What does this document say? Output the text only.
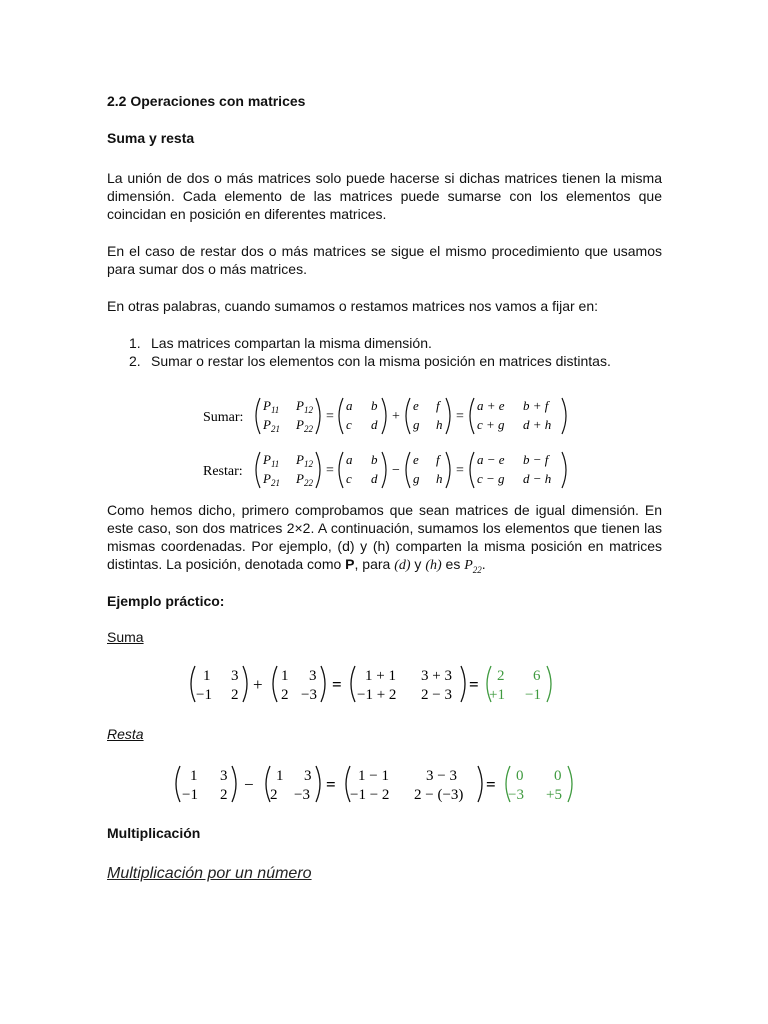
2.2 Operaciones con matrices
Suma y resta
La unión de dos o más matrices solo puede hacerse si dichas matrices tienen la misma dimensión. Cada elemento de las matrices puede sumarse con los elementos que coincidan en posición en diferentes matrices.
En el caso de restar dos o más matrices se sigue el mismo procedimiento que usamos para sumar dos o más matrices.
En otras palabras, cuando sumamos o restamos matrices nos vamos a fijar en:
1. Las matrices compartan la misma dimensión.
2. Sumar o restar los elementos con la misma posición en matrices distintas.
Sumar:
$P_{11}$ $P_{12}$
$P_{21}$ $P_{22}$
=
a b
c d
+
e f
g h
=
a + e b + f
c + g d + h
Restar:
$P_{11}$ $P_{12}$
$P_{21}$ $P_{22}$
=
a b
c d
−
e f
g h
=
a − e b − f
c − g d − h
Como hemos dicho, primero comprobamos que sean matrices de igual dimensión. En este caso, son dos matrices 2×2. A continuación, sumamos los elementos que tienen las mismas coordenadas. Por ejemplo, (d) y (h) comparten la misma posición en matrices distintas. La posición, denotada como P, para (d) y (h) es $P_{22}$.
Ejemplo práctico:
Suma
1 3
−1 2
+ 1 3
2 −3
= 1 + 1 3 + 3
−1 + 2 2 − 3
= 2 6
+1 −1
Resta
1 3
−1 2
− 1 3
2 −3
= 1 − 1 3 − 3
−1 − 2 2 − (−3)
= 0 0
−3 +5
Multiplicación
Multiplicación por un número
